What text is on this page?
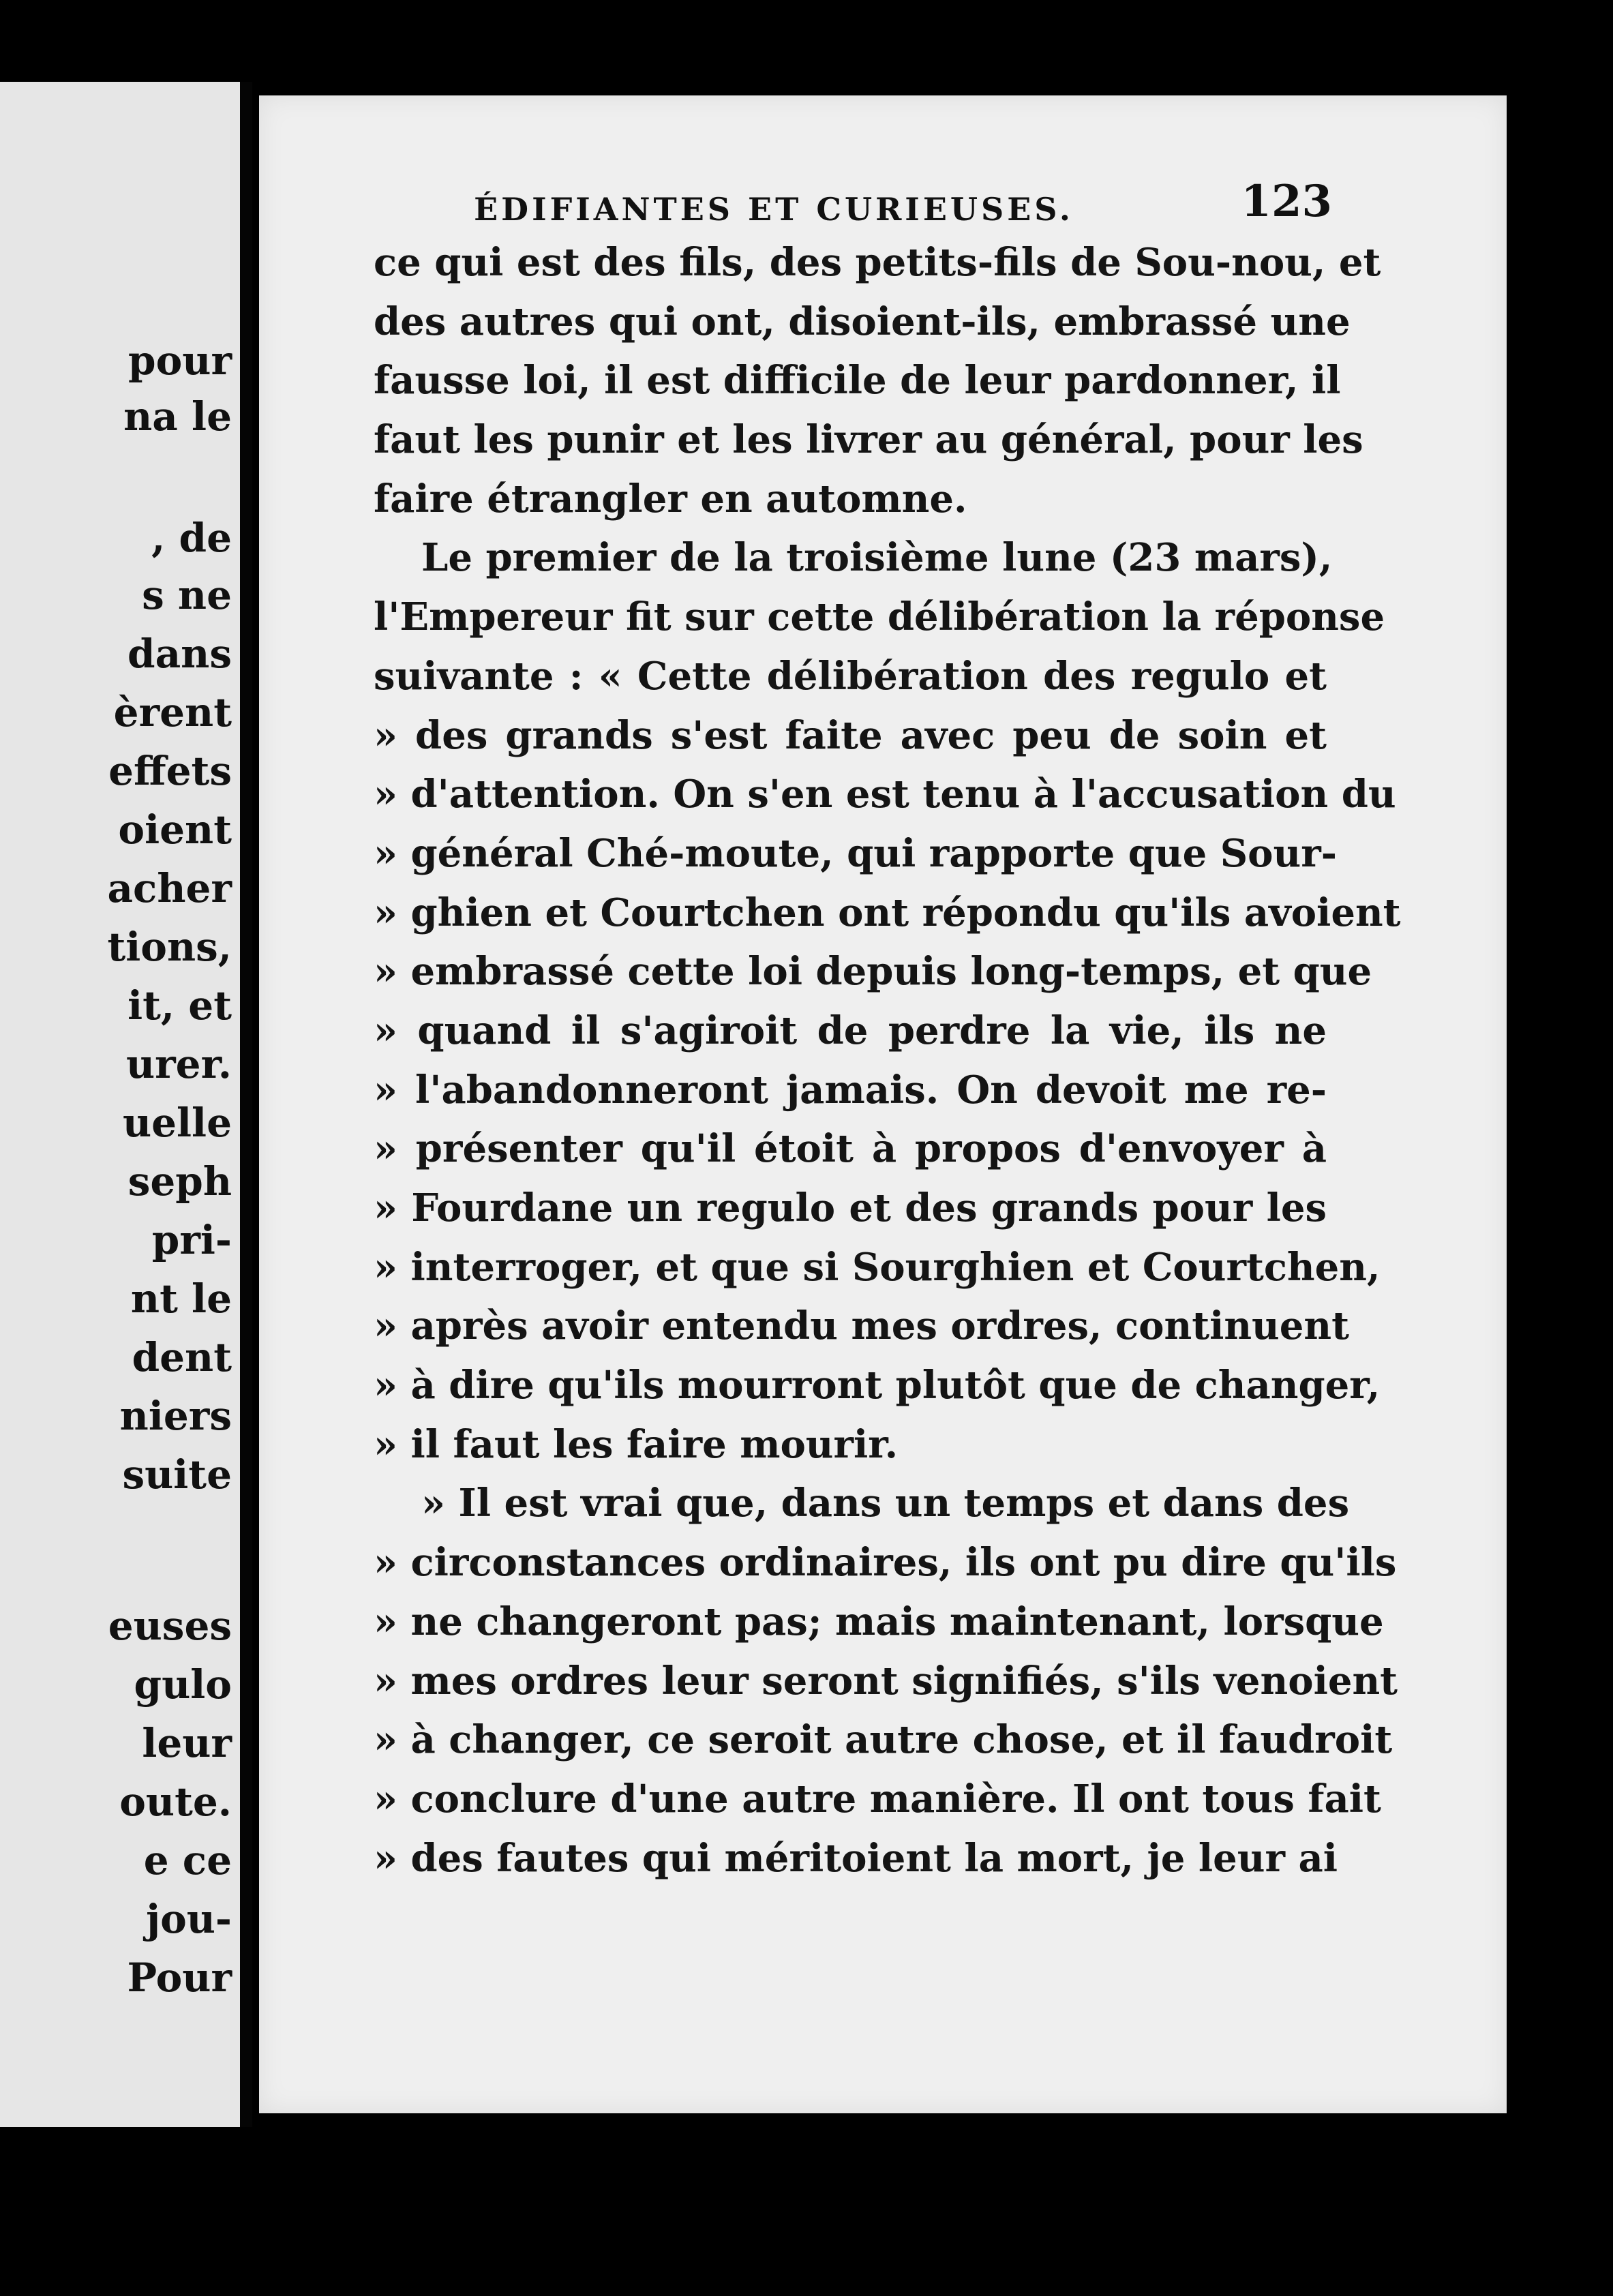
pour
na le
, de
s ne
dans
èrent
effets
oient
acher
tions,
it, et
urer.
uelle
seph
pri-
nt le
dent
niers
suite
euses
gulo
leur
oute.
e ce
jou-
Pour
ÉDIFIANTES ET CURIEUSES.	123
ce qui est des fils, des petits-fils de Sou-nou, et
des autres qui ont, disoient-ils, embrassé une
fausse loi, il est difficile de leur pardonner, il
faut les punir et les livrer au général, pour les
faire étrangler en automne.
Le premier de la troisième lune (23 mars),
l'Empereur fit sur cette délibération la réponse
suivante : « Cette délibération des regulo et
» des grands s'est faite avec peu de soin et
» d'attention. On s'en est tenu à l'accusation du
» général Ché-moute, qui rapporte que Sour-
» ghien et Courtchen ont répondu qu'ils avoient
» embrassé cette loi depuis long-temps, et que
» quand il s'agiroit de perdre la vie, ils ne
» l'abandonneront jamais. On devoit me re-
» présenter qu'il étoit à propos d'envoyer à
» Fourdane un regulo et des grands pour les
» interroger, et que si Sourghien et Courtchen,
» après avoir entendu mes ordres, continuent
» à dire qu'ils mourront plutôt que de changer,
» il faut les faire mourir.
» Il est vrai que, dans un temps et dans des
» circonstances ordinaires, ils ont pu dire qu'ils
» ne changeront pas; mais maintenant, lorsque
» mes ordres leur seront signifiés, s'ils venoient
» à changer, ce seroit autre chose, et il faudroit
» conclure d'une autre manière. Il ont tous fait
» des fautes qui méritoient la mort, je leur ai
